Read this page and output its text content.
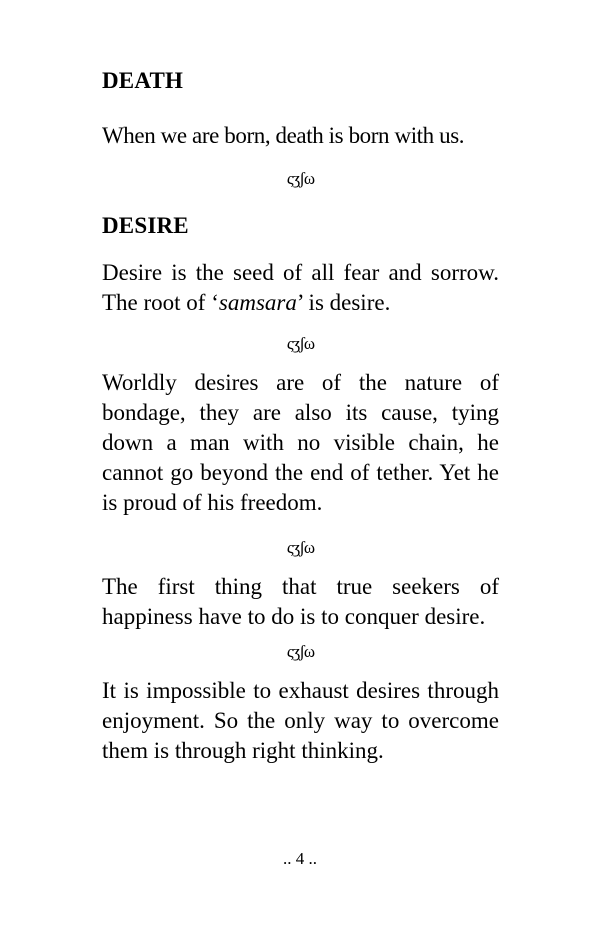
DEATH

When we are born, death is born with us.

ςʒʃω
DESIRE

Desire is the seed of all fear and sorrow. The root of ‘samsara’ is desire.

ςʒʃω

Worldly desires are of the nature of bondage, they are also its cause, tying down a man with no visible chain, he cannot go beyond the end of tether. Yet he is proud of his freedom.

ςʒʃω

The first thing that true seekers of happiness have to do is to conquer desire.

ςʒʃω

It is impossible to exhaust desires through enjoyment. So the only way to overcome them is through right thinking.

.. 4 ..
